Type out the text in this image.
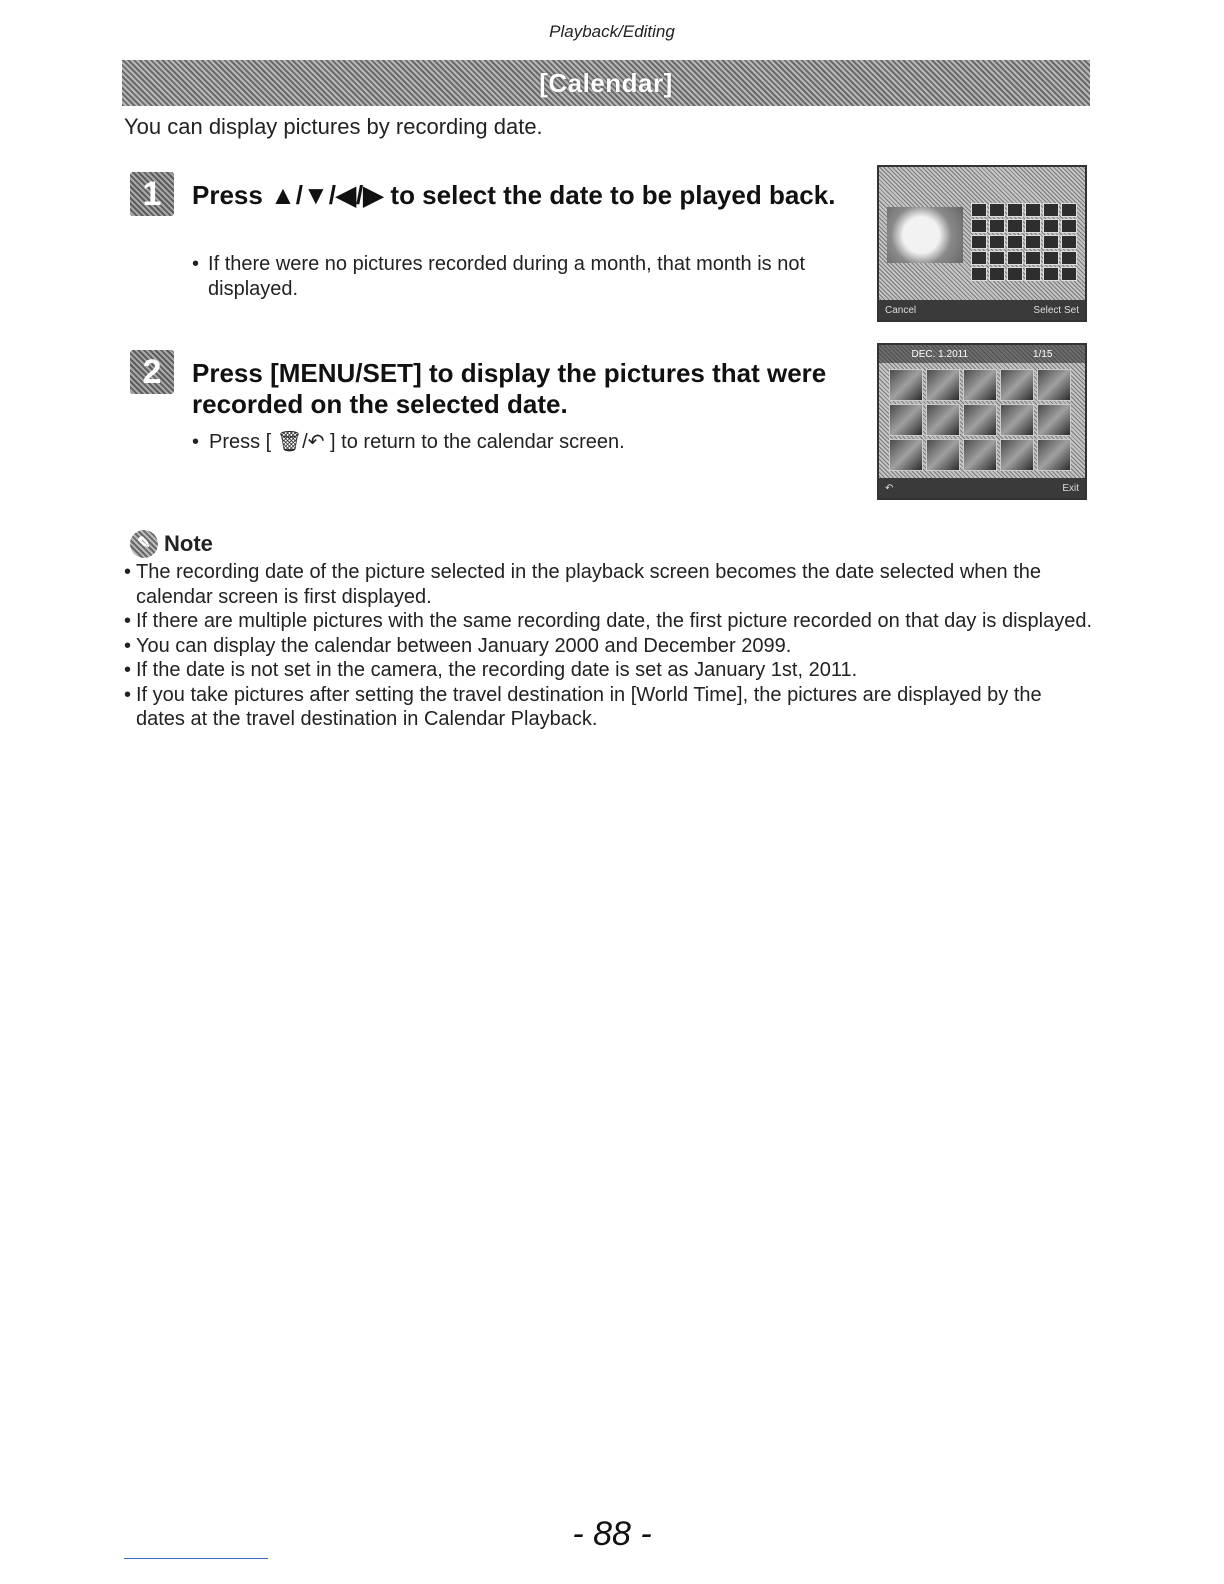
Playback/Editing
[Calendar]
You can display pictures by recording date.
1	Press ▲/▼/◀/▶ to select the date to be played back.
• If there were no pictures recorded during a month, that month is not displayed.
Cancel	Select Set
2	Press [MENU/SET] to display the pictures that were recorded on the selected date.
• Press [ 🗑/↶ ] to return to the calendar screen.
DEC. 1.2011	1/15
↶	Exit
✎ Note
• The recording date of the picture selected in the playback screen becomes the date selected when the calendar screen is first displayed.
• If there are multiple pictures with the same recording date, the first picture recorded on that day is displayed.
• You can display the calendar between January 2000 and December 2099.
• If the date is not set in the camera, the recording date is set as January 1st, 2011.
• If you take pictures after setting the travel destination in [World Time], the pictures are displayed by the dates at the travel destination in Calendar Playback.
- 88 -
